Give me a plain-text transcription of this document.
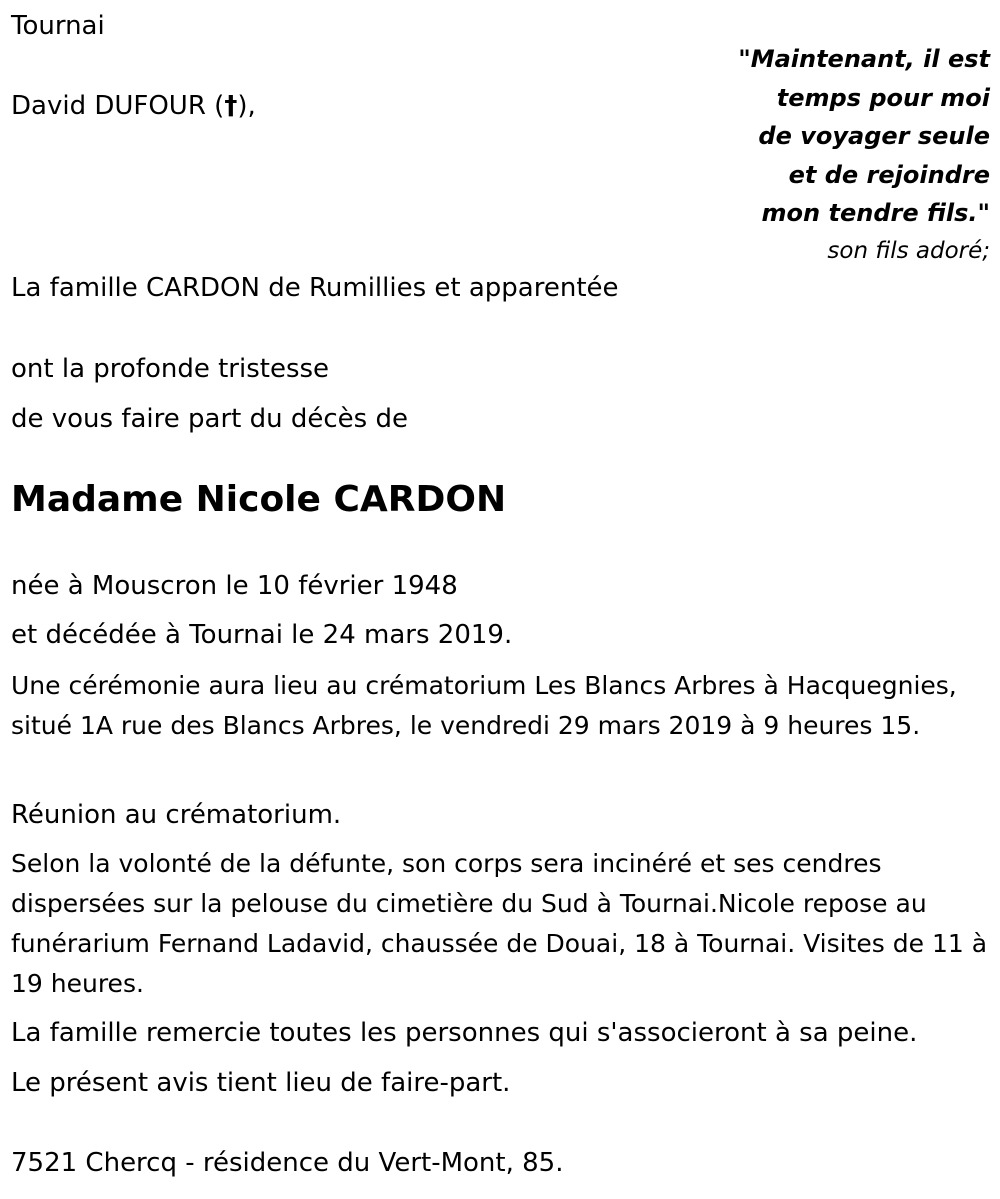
Tournai

David DUFOUR (†),

"Maintenant, il est
temps pour moi
de voyager seule
et de rejoindre
mon tendre fils."
son fils adoré;

La famille CARDON de Rumillies et apparentée

ont la profonde tristesse

de vous faire part du décès de

Madame Nicole CARDON

née à Mouscron le 10 février 1948

et décédée à Tournai le 24 mars 2019.

Une cérémonie aura lieu au crématorium Les Blancs Arbres à Hacquegnies, situé 1A rue des Blancs Arbres, le vendredi 29 mars 2019 à 9 heures 15.

Réunion au crématorium.

Selon la volonté de la défunte, son corps sera incinéré et ses cendres dispersées sur la pelouse du cimetière du Sud à Tournai.Nicole repose au funérarium Fernand Ladavid, chaussée de Douai, 18 à Tournai. Visites de 11 à 19 heures.

La famille remercie toutes les personnes qui s'associeront à sa peine.

Le présent avis tient lieu de faire-part.

7521 Chercq - résidence du Vert-Mont, 85.
